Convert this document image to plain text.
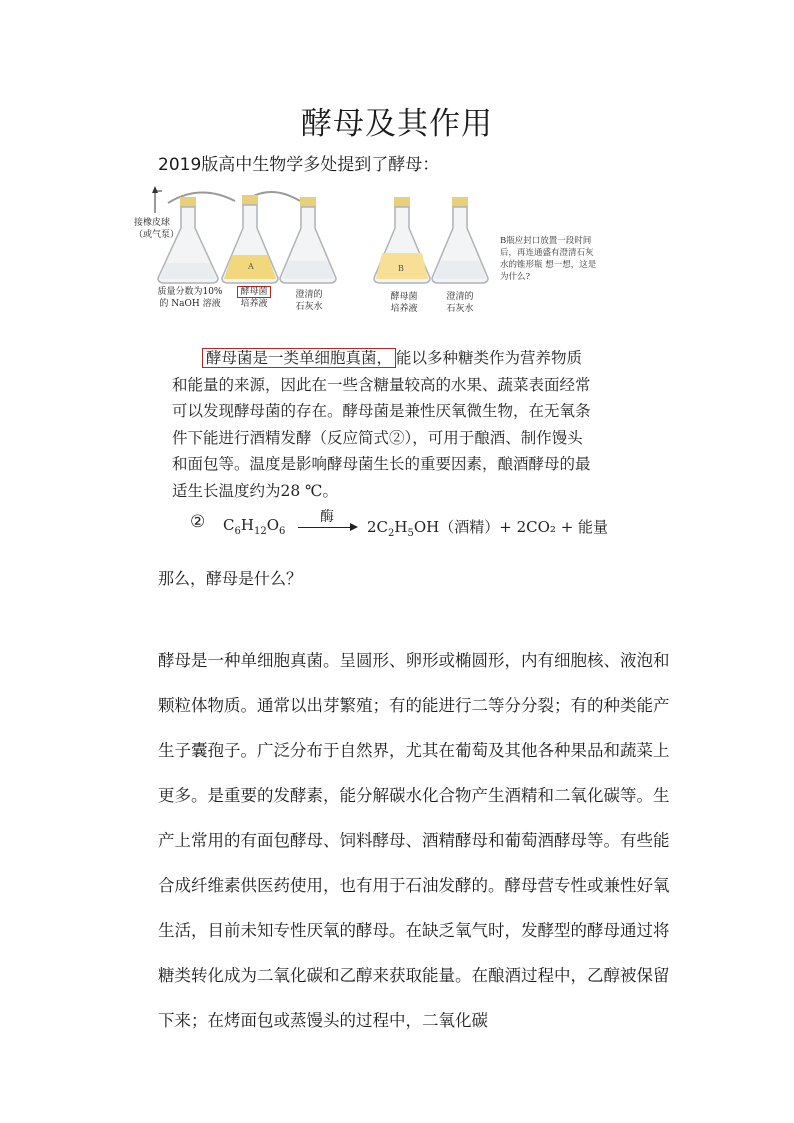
酵母及其作用
2019版高中生物学多处提到了酵母：
A	B
接橡皮球
（或气泵）
质量分数为10%
的 NaOH 溶液
酵母菌
培养液
澄清的
石灰水
酵母菌
培养液
澄清的
石灰水
B瓶应封口放置一段时间后，再连通盛有澄清石灰水的锥形瓶 想一想，这是为什么?
酵母菌是一类单细胞真菌， 能以多种糖类作为营养物质和能量的来源，因此在一些含糖量较高的水果、蔬菜表面经常可以发现酵母菌的存在。酵母菌是兼性厌氧微生物，在无氧条件下能进行酒精发酵（反应简式②），可用于酿酒、制作馒头和面包等。温度是影响酵母菌生长的重要因素，酿酒酵母的最适生长温度约为28 ℃。
② $C_6H_{12}O_6$
酶
$2C_2H_5OH$（酒精）+ 2CO₂ + 能量
那么，酵母是什么？
酵母是一种单细胞真菌。呈圆形、卵形或椭圆形，内有细胞核、液泡和颗粒体物质。通常以出芽繁殖；有的能进行二等分分裂；有的种类能产生子囊孢子。广泛分布于自然界，尤其在葡萄及其他各种果品和蔬菜上更多。是重要的发酵素，能分解碳水化合物产生酒精和二氧化碳等。生产上常用的有面包酵母、饲料酵母、酒精酵母和葡萄酒酵母等。有些能合成纤维素供医药使用，也有用于石油发酵的。酵母营专性或兼性好氧生活，目前未知专性厌氧的酵母。在缺乏氧气时，发酵型的酵母通过将糖类转化成为二氧化碳和乙醇来获取能量。在酿酒过程中，乙醇被保留下来；在烤面包或蒸馒头的过程中，二氧化碳
